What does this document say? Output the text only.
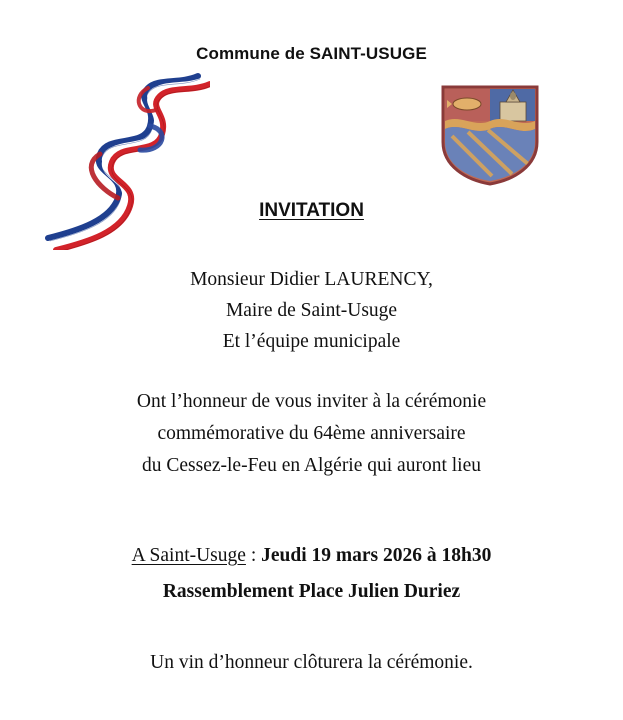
Commune de SAINT-USUGE
INVITATION
Monsieur Didier LAURENCY,
Maire de Saint-Usuge
Et l’équipe municipale
Ont l’honneur de vous inviter à la cérémonie
commémorative du 64ème anniversaire
du Cessez-le-Feu en Algérie qui auront lieu
A Saint-Usuge : Jeudi 19 mars 2026 à 18h30
Rassemblement Place Julien Duriez
Un vin d’honneur clôturera la cérémonie.
